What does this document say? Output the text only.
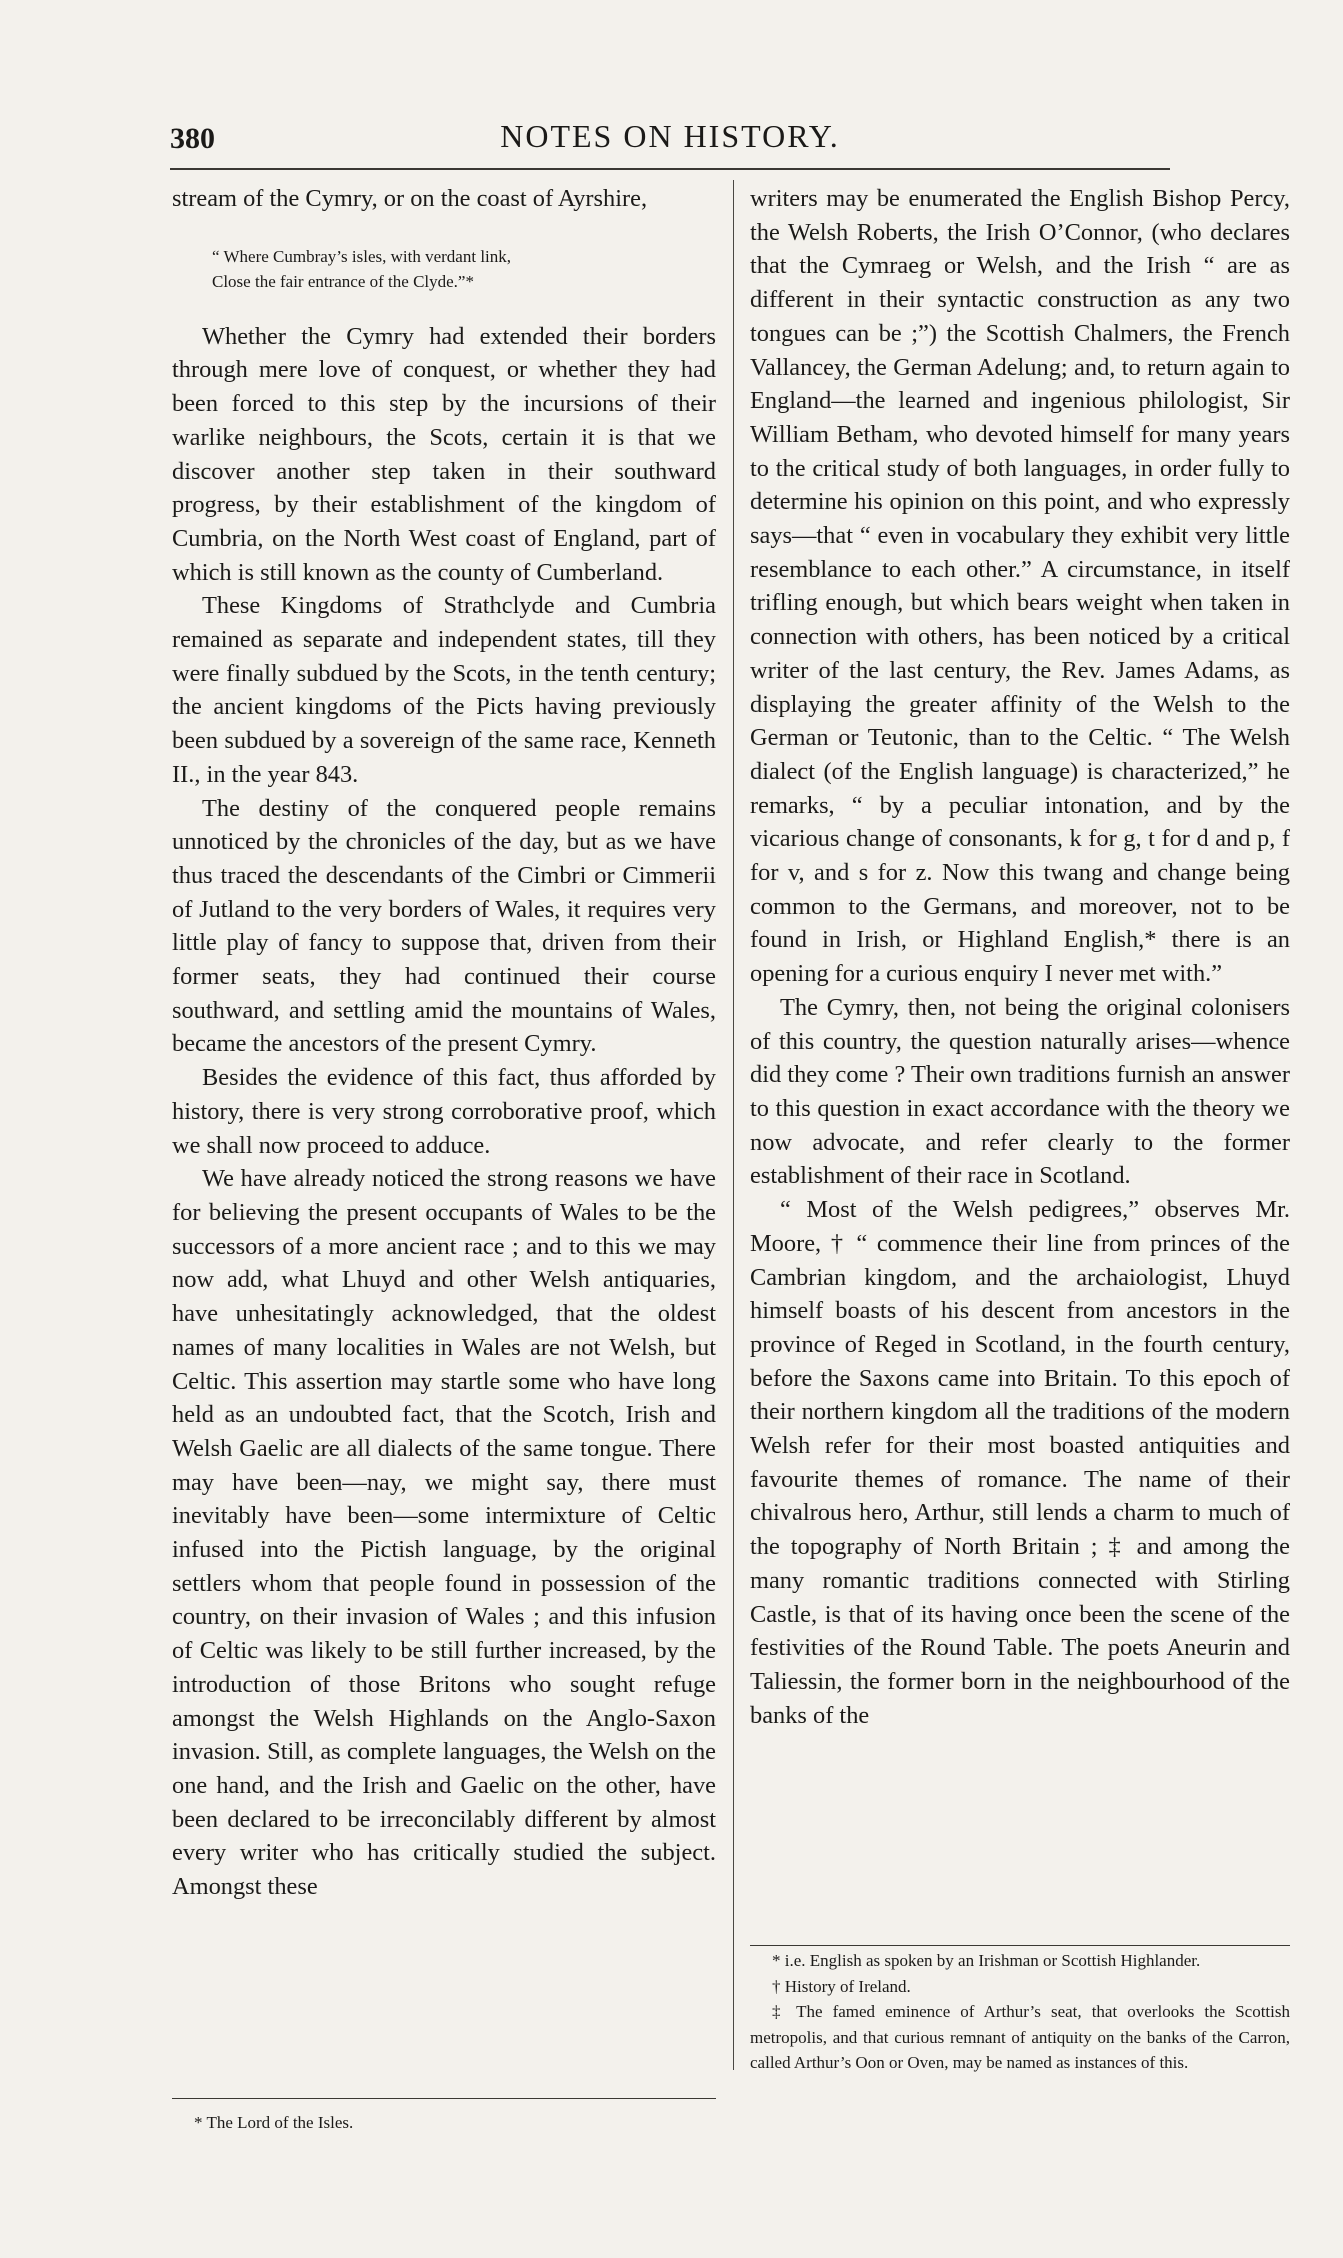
380	NOTES ON HISTORY.

stream of the Cymry, or on the coast of Ayrshire,

“ Where Cumbray’s isles, with verdant link,
Close the fair entrance of the Clyde.”*

Whether the Cymry had extended their borders through mere love of conquest, or whether they had been forced to this step by the incursions of their warlike neighbours, the Scots, certain it is that we discover another step taken in their southward progress, by their establishment of the kingdom of Cumbria, on the North West coast of England, part of which is still known as the county of Cumberland.

These Kingdoms of Strathclyde and Cumbria remained as separate and independent states, till they were finally subdued by the Scots, in the tenth century; the ancient kingdoms of the Picts having previously been subdued by a sovereign of the same race, Kenneth II., in the year 843.

The destiny of the conquered people remains unnoticed by the chronicles of the day, but as we have thus traced the descendants of the Cimbri or Cimmerii of Jutland to the very borders of Wales, it requires very little play of fancy to suppose that, driven from their former seats, they had continued their course southward, and settling amid the mountains of Wales, became the ancestors of the present Cymry.

Besides the evidence of this fact, thus afforded by history, there is very strong corroborative proof, which we shall now proceed to adduce.

We have already noticed the strong reasons we have for believing the present occupants of Wales to be the successors of a more ancient race ; and to this we may now add, what Lhuyd and other Welsh antiquaries, have unhesitatingly acknowledged, that the oldest names of many localities in Wales are not Welsh, but Celtic. This assertion may startle some who have long held as an undoubted fact, that the Scotch, Irish and Welsh Gaelic are all dialects of the same tongue. There may have been—nay, we might say, there must inevitably have been—some intermixture of Celtic infused into the Pictish language, by the original settlers whom that people found in possession of the country, on their invasion of Wales ; and this infusion of Celtic was likely to be still further increased, by the introduction of those Britons who sought refuge amongst the Welsh Highlands on the Anglo-Saxon invasion. Still, as complete languages, the Welsh on the one hand, and the Irish and Gaelic on the other, have been declared to be irreconcilably different by almost every writer who has critically studied the subject. Amongst these

writers may be enumerated the English Bishop Percy, the Welsh Roberts, the Irish O’Connor, (who declares that the Cymraeg or Welsh, and the Irish “ are as different in their syntactic construction as any two tongues can be ;”) the Scottish Chalmers, the French Vallancey, the German Adelung; and, to return again to England—the learned and ingenious philologist, Sir William Betham, who devoted himself for many years to the critical study of both languages, in order fully to determine his opinion on this point, and who expressly says—that “ even in vocabulary they exhibit very little resemblance to each other.” A circumstance, in itself trifling enough, but which bears weight when taken in connection with others, has been noticed by a critical writer of the last century, the Rev. James Adams, as displaying the greater affinity of the Welsh to the German or Teutonic, than to the Celtic. “ The Welsh dialect (of the English language) is characterized,” he remarks, “ by a peculiar intonation, and by the vicarious change of consonants, k for g, t for d and p, f for v, and s for z. Now this twang and change being common to the Germans, and moreover, not to be found in Irish, or Highland English,* there is an opening for a curious enquiry I never met with.”

The Cymry, then, not being the original colonisers of this country, the question naturally arises—whence did they come ? Their own traditions furnish an answer to this question in exact accordance with the theory we now advocate, and refer clearly to the former establishment of their race in Scotland.

“ Most of the Welsh pedigrees,” observes Mr. Moore, † “ commence their line from princes of the Cambrian kingdom, and the archaiologist, Lhuyd himself boasts of his descent from ancestors in the province of Reged in Scotland, in the fourth century, before the Saxons came into Britain. To this epoch of their northern kingdom all the traditions of the modern Welsh refer for their most boasted antiquities and favourite themes of romance. The name of their chivalrous hero, Arthur, still lends a charm to much of the topography of North Britain ; ‡ and among the many romantic traditions connected with Stirling Castle, is that of its having once been the scene of the festivities of the Round Table. The poets Aneurin and Taliessin, the former born in the neighbourhood of the banks of the

* The Lord of the Isles.

* i.e. English as spoken by an Irishman or Scottish Highlander.

† History of Ireland.

‡ The famed eminence of Arthur’s seat, that overlooks the Scottish metropolis, and that curious remnant of antiquity on the banks of the Carron, called Arthur’s Oon or Oven, may be named as instances of this.
